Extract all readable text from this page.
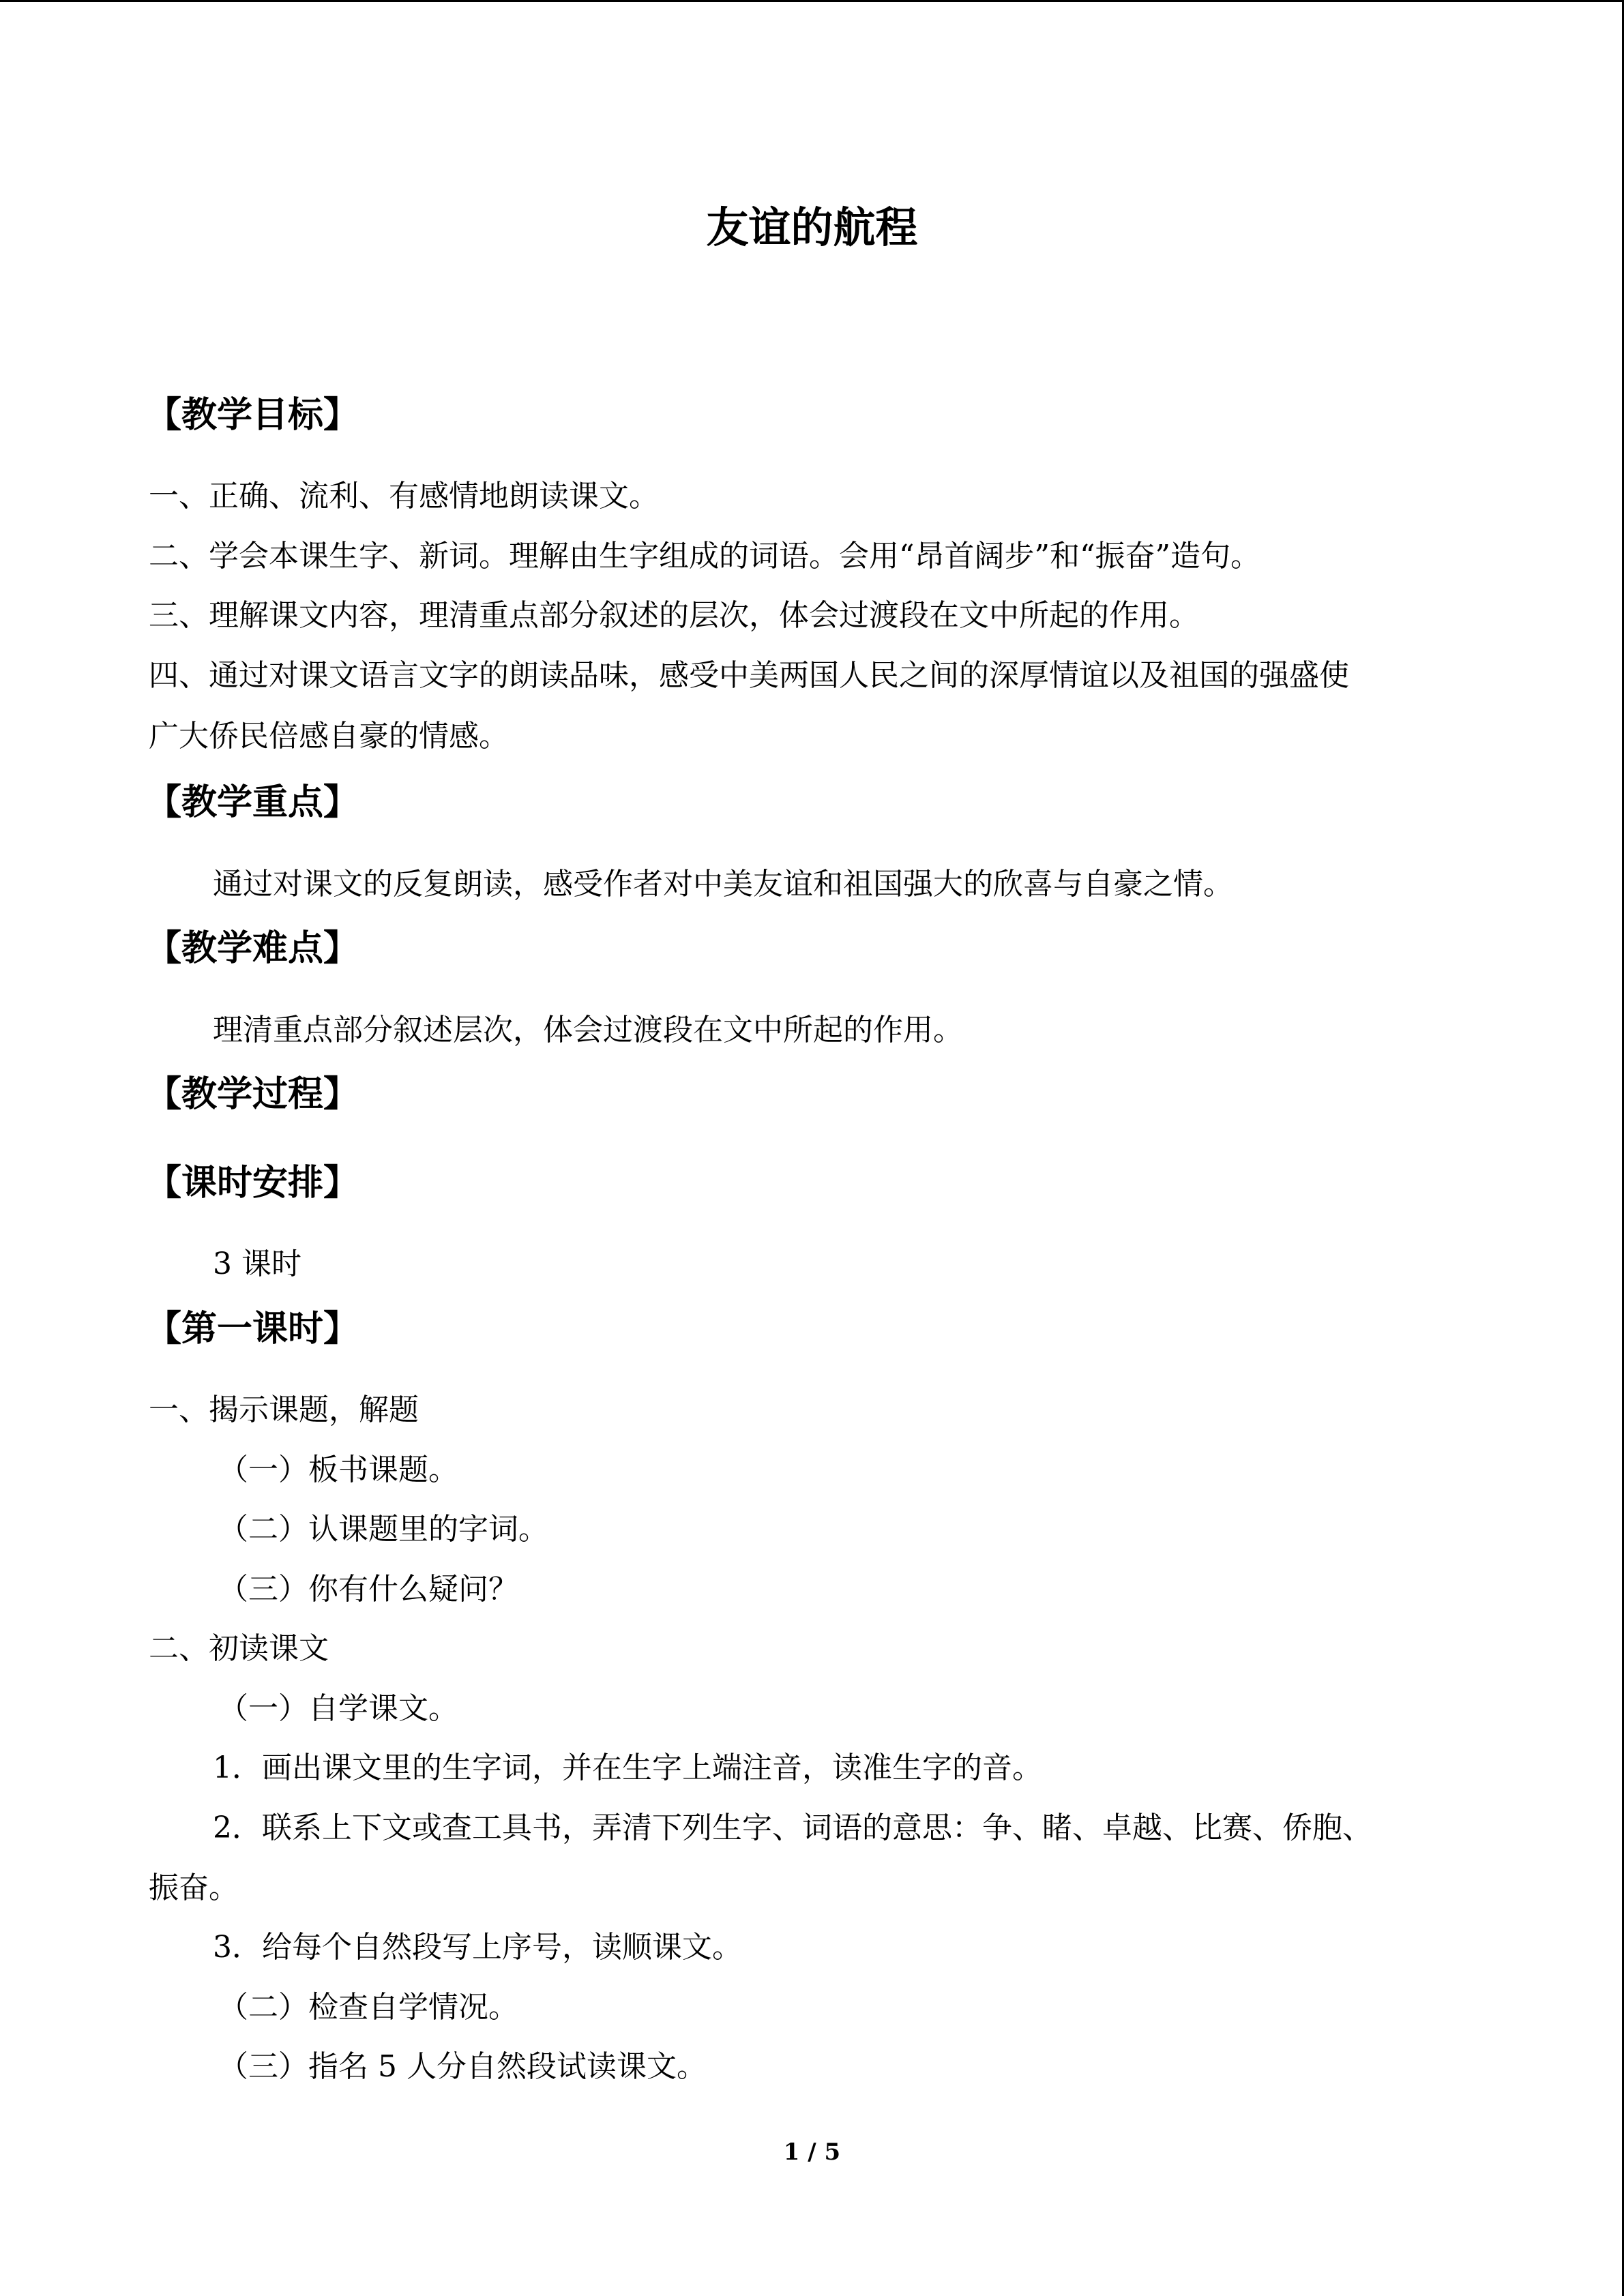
友谊的航程
【教学目标】
一、正确、流利、有感情地朗读课文。
二、学会本课生字、新词。理解由生字组成的词语。会用“昂首阔步”和“振奋”造句。
三、理解课文内容，理清重点部分叙述的层次，体会过渡段在文中所起的作用。
四、通过对课文语言文字的朗读品味，感受中美两国人民之间的深厚情谊以及祖国的强盛使
广大侨民倍感自豪的情感。
【教学重点】
通过对课文的反复朗读，感受作者对中美友谊和祖国强大的欣喜与自豪之情。
【教学难点】
理清重点部分叙述层次，体会过渡段在文中所起的作用。
【教学过程】
【课时安排】
3 课时
【第一课时】
一、揭示课题，解题
（一）板书课题。
（二）认课题里的字词。
（三）你有什么疑问？
二、初读课文
（一）自学课文。
1．画出课文里的生字词，并在生字上端注音，读准生字的音。
2．联系上下文或查工具书，弄清下列生字、词语的意思：争、睹、卓越、比赛、侨胞、
振奋。
3．给每个自然段写上序号，读顺课文。
（二）检查自学情况。
（三）指名 5 人分自然段试读课文。
1 / 5
